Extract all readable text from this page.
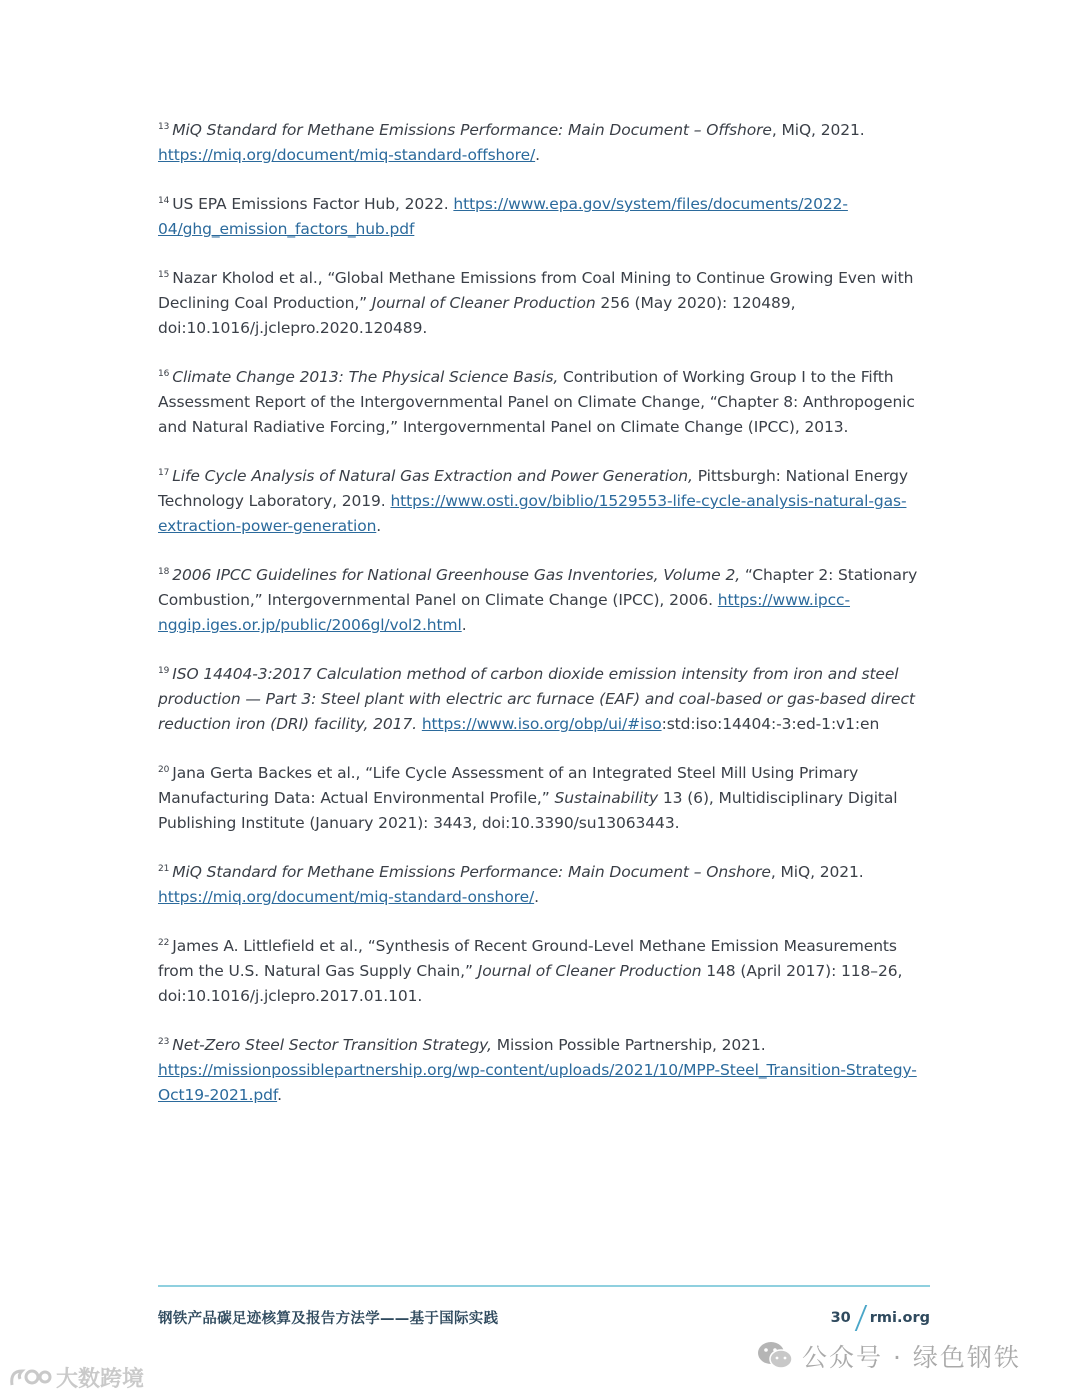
$^{13}$ MiQ Standard for Methane Emissions Performance: Main Document – Offshore, MiQ, 2021. https://miq.org/document/miq-standard-offshore/.

$^{14}$ US EPA Emissions Factor Hub, 2022. https://www.epa.gov/system/files/documents/2022-04/ghg_emission_factors_hub.pdf

$^{15}$ Nazar Kholod et al., “Global Methane Emissions from Coal Mining to Continue Growing Even with Declining Coal Production,” Journal of Cleaner Production 256 (May 2020): 120489, doi:10.1016/j.jclepro.2020.120489.

$^{16}$ Climate Change 2013: The Physical Science Basis, Contribution of Working Group I to the Fifth Assessment Report of the Intergovernmental Panel on Climate Change, “Chapter 8: Anthropogenic and Natural Radiative Forcing,” Intergovernmental Panel on Climate Change (IPCC), 2013.

$^{17}$ Life Cycle Analysis of Natural Gas Extraction and Power Generation, Pittsburgh: National Energy Technology Laboratory, 2019. https://www.osti.gov/biblio/1529553-life-cycle-analysis-natural-gas-extraction-power-generation.

$^{18}$ 2006 IPCC Guidelines for National Greenhouse Gas Inventories, Volume 2, “Chapter 2: Stationary Combustion,” Intergovernmental Panel on Climate Change (IPCC), 2006. https://www.ipcc-nggip.iges.or.jp/public/2006gl/vol2.html.

$^{19}$ ISO 14404-3:2017 Calculation method of carbon dioxide emission intensity from iron and steel production — Part 3: Steel plant with electric arc furnace (EAF) and coal-based or gas-based direct reduction iron (DRI) facility, 2017. https://www.iso.org/obp/ui/#iso:std:iso:14404:-3:ed-1:v1:en

$^{20}$ Jana Gerta Backes et al., “Life Cycle Assessment of an Integrated Steel Mill Using Primary Manufacturing Data: Actual Environmental Profile,” Sustainability 13 (6), Multidisciplinary Digital Publishing Institute (January 2021): 3443, doi:10.3390/su13063443.

$^{21}$ MiQ Standard for Methane Emissions Performance: Main Document – Onshore, MiQ, 2021. https://miq.org/document/miq-standard-onshore/.

$^{22}$ James A. Littlefield et al., “Synthesis of Recent Ground-Level Methane Emission Measurements from the U.S. Natural Gas Supply Chain,” Journal of Cleaner Production 148 (April 2017): 118–26, doi:10.1016/j.jclepro.2017.01.101.

$^{23}$ Net-Zero Steel Sector Transition Strategy, Mission Possible Partnership, 2021. https://missionpossiblepartnership.org/wp-content/uploads/2021/10/MPP-Steel_Transition-Strategy-Oct19-2021.pdf.

钢铁产品碳足迹核算及报告方法学——基于国际实践	30 rmi.org
公众号 · 绿色钢铁
大数跨境
